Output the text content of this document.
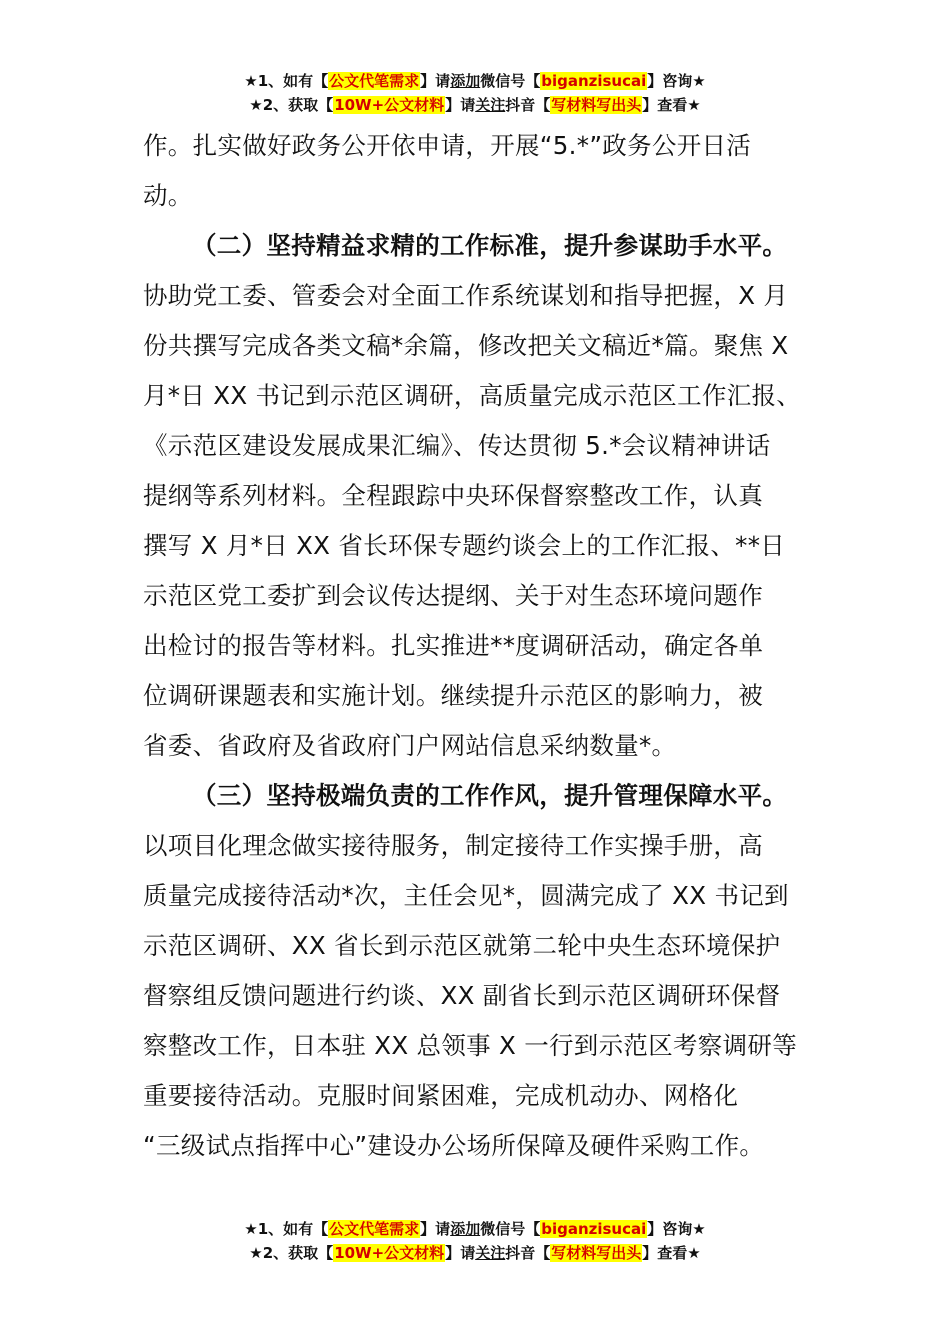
★1、如有【公文代笔需求】请添加微信号【biganzisucai】咨询★
★2、获取【10W+公文材料】请关注抖音【写材料写出头】查看★
作。扎实做好政务公开依申请，开展“5.*”政务公开日活
动。
（二）坚持精益求精的工作标准，提升参谋助手水平。
协助党工委、管委会对全面工作系统谋划和指导把握，X 月
份共撰写完成各类文稿*余篇，修改把关文稿近*篇。聚焦 X
月*日 XX 书记到示范区调研，高质量完成示范区工作汇报、
《示范区建设发展成果汇编》、传达贯彻 5.*会议精神讲话
提纲等系列材料。全程跟踪中央环保督察整改工作，认真
撰写 X 月*日 XX 省长环保专题约谈会上的工作汇报、**日
示范区党工委扩到会议传达提纲、关于对生态环境问题作
出检讨的报告等材料。扎实推进**度调研活动，确定各单
位调研课题表和实施计划。继续提升示范区的影响力，被
省委、省政府及省政府门户网站信息采纳数量*。
（三）坚持极端负责的工作作风，提升管理保障水平。
以项目化理念做实接待服务，制定接待工作实操手册，高
质量完成接待活动*次，主任会见*，圆满完成了 XX 书记到
示范区调研、XX 省长到示范区就第二轮中央生态环境保护
督察组反馈问题进行约谈、XX 副省长到示范区调研环保督
察整改工作，日本驻 XX 总领事 X 一行到示范区考察调研等
重要接待活动。克服时间紧困难，完成机动办、网格化
“三级试点指挥中心”建设办公场所保障及硬件采购工作。
★1、如有【公文代笔需求】请添加微信号【biganzisucai】咨询★
★2、获取【10W+公文材料】请关注抖音【写材料写出头】查看★
